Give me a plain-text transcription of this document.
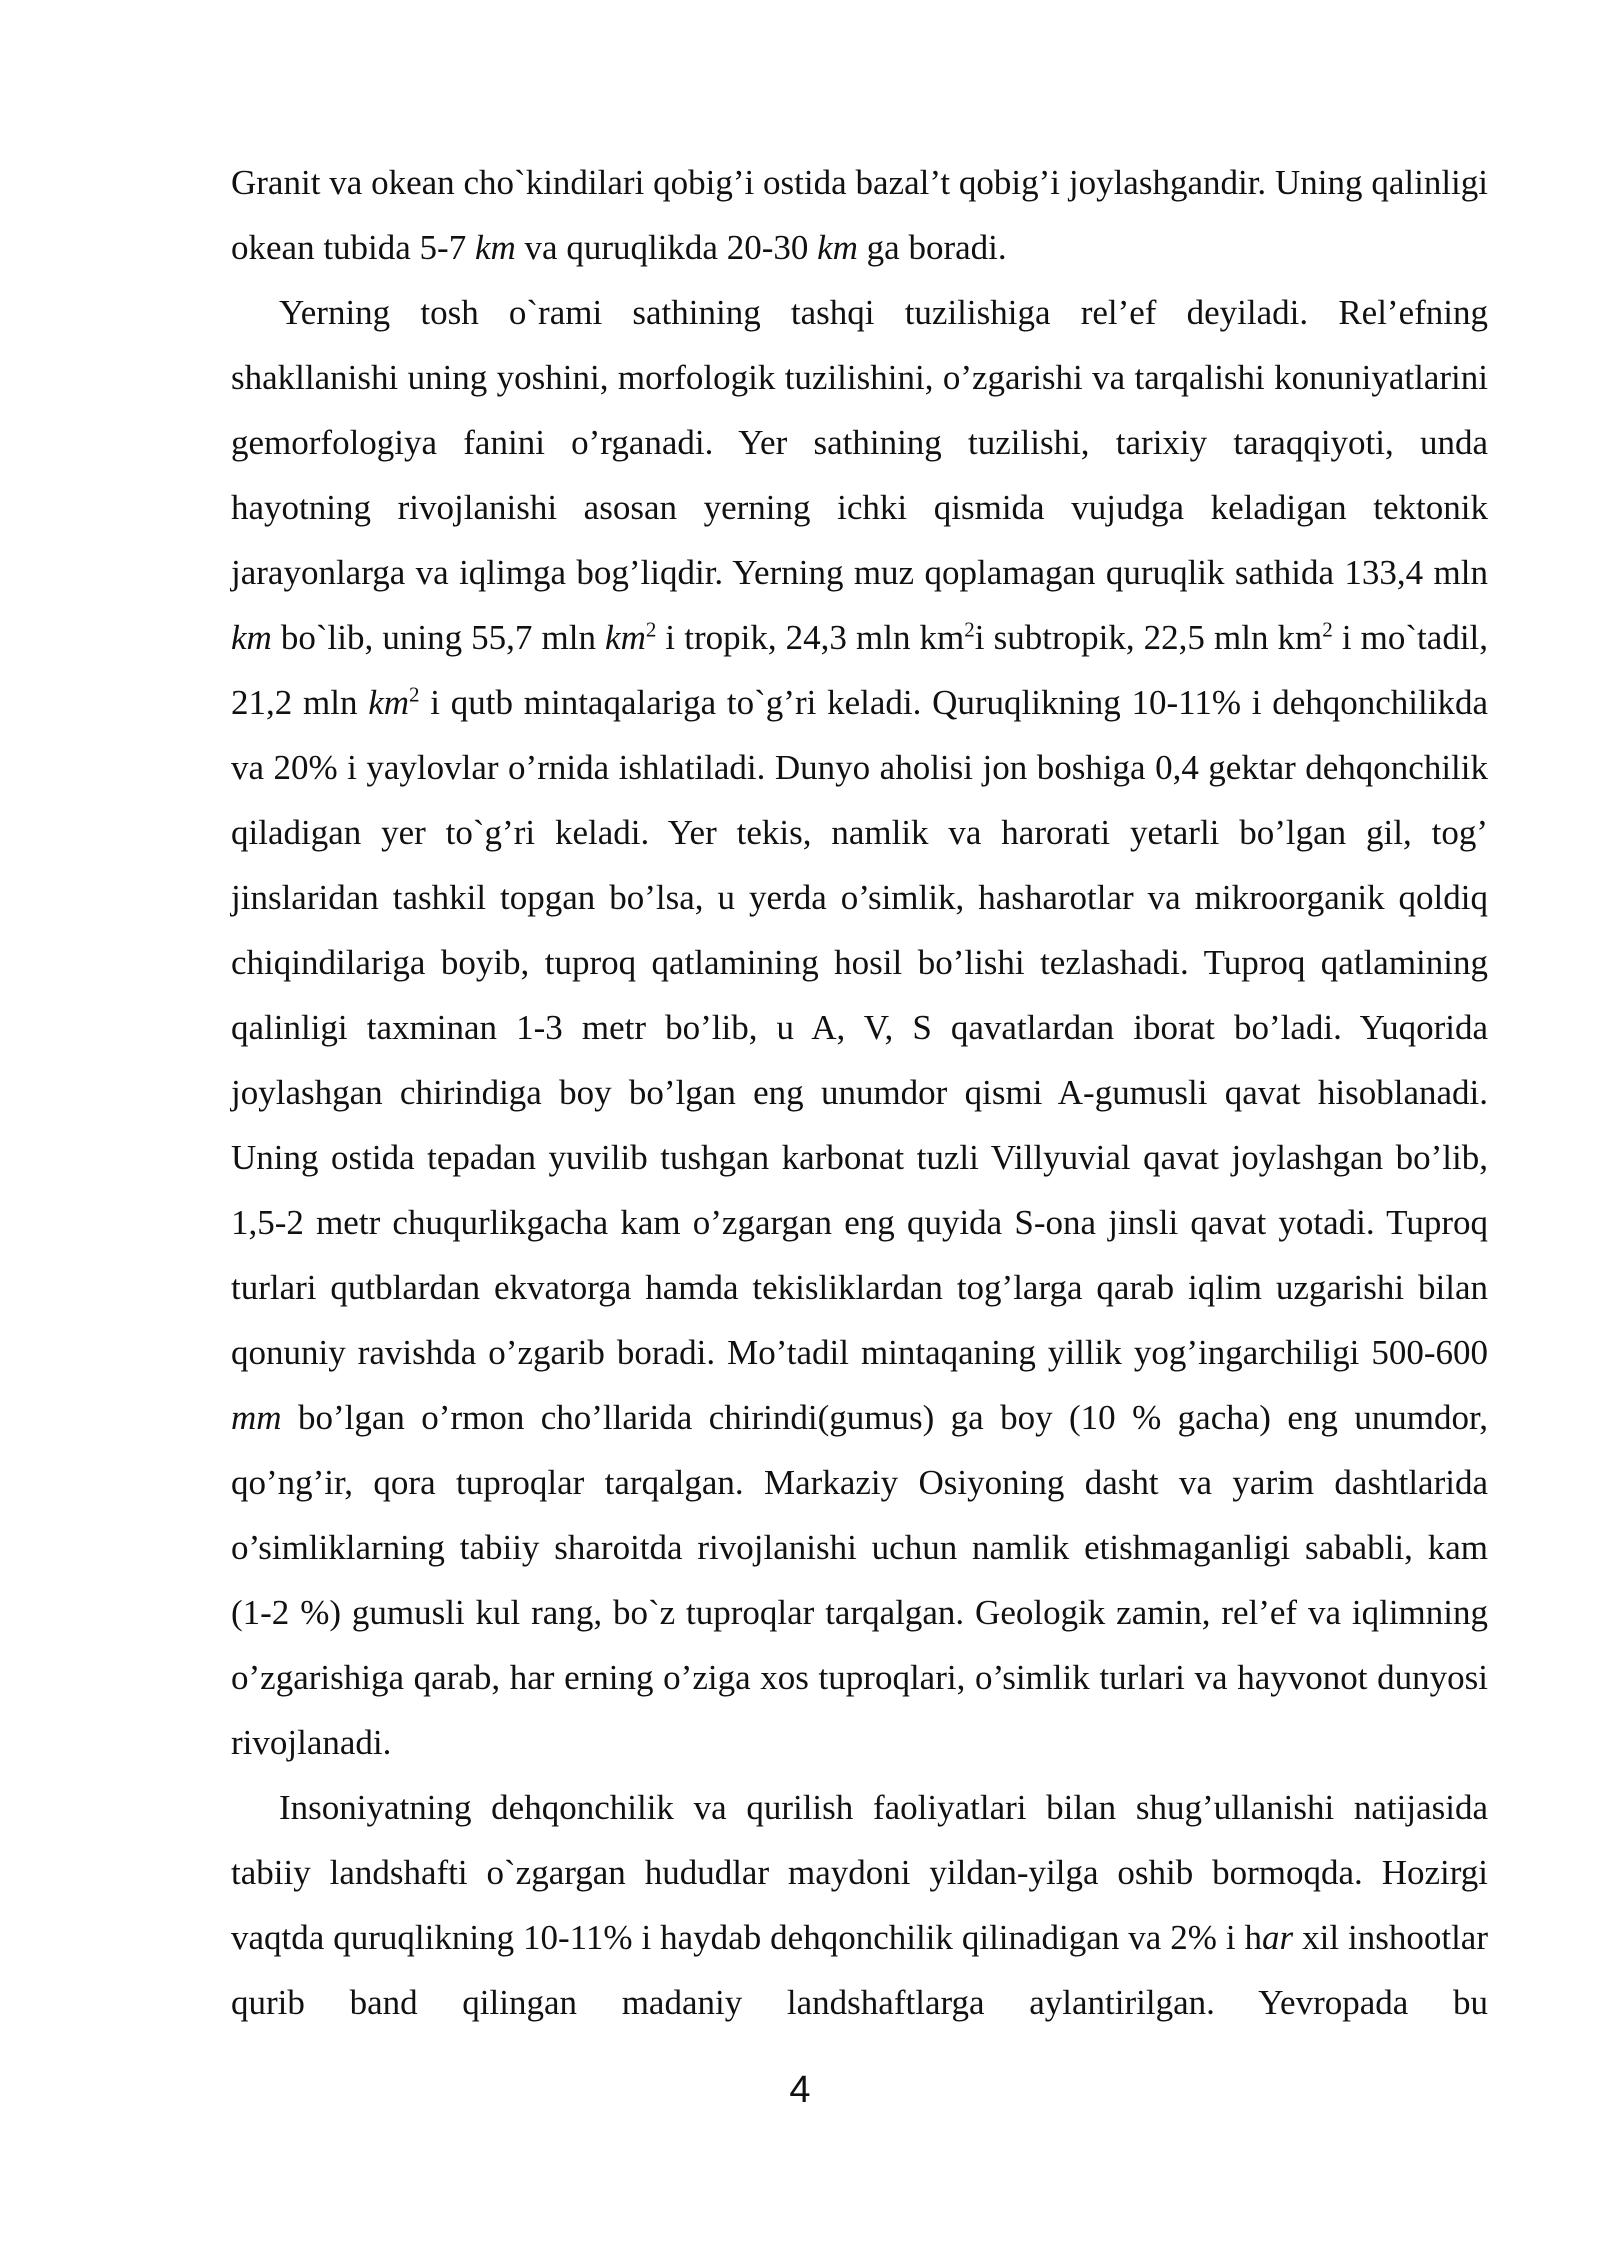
Granit va okean cho`kindilari qobig’i ostida bazal’t qobig’i joylashgandir. Uning qalinligi okean tubida 5-7 km va quruqlikda 20-30 km ga boradi.

Yerning tosh o`rami sathining tashqi tuzilishiga rel’ef deyiladi. Rel’efning shakllanishi uning yoshini, morfologik tuzilishini, o’zgarishi va tarqalishi konuniyatlarini gemorfologiya fanini o’rganadi. Yer sathining tuzilishi, tarixiy taraqqiyoti, unda hayotning rivojlanishi asosan yerning ichki qismida vujudga keladigan tektonik jarayonlarga va iqlimga bog’liqdir. Yerning muz qoplamagan quruqlik sathida 133,4 mln km bo`lib, uning 55,7 mln $km^2$ i tropik, 24,3 mln $km^2i$ subtropik, 22,5 mln $km^2$ i mo`tadil, 21,2 mln $km^2$ i qutb mintaqalariga to`g’ri keladi. Quruqlikning 10-11% i dehqonchilikda va 20% i yaylovlar o’rnida ishlatiladi. Dunyo aholisi jon boshiga 0,4 gektar dehqonchilik qiladigan yer to`g’ri keladi. Yer tekis, namlik va harorati yetarli bo’lgan gil, tog’ jinslaridan tashkil topgan bo’lsa, u yerda o’simlik, hasharotlar va mikroorganik qoldiq chiqindilariga boyib, tuproq qatlamining hosil bo’lishi tezlashadi. Tuproq qatlamining qalinligi taxminan 1-3 metr bo’lib, u A, V, S qavatlardan iborat bo’ladi. Yuqorida joylashgan chirindiga boy bo’lgan eng unumdor qismi A-gumusli qavat hisoblanadi. Uning ostida tepadan yuvilib tushgan karbonat tuzli Villyuvial qavat joylashgan bo’lib, 1,5-2 metr chuqurlikgacha kam o’zgargan eng quyida S-ona jinsli qavat yotadi. Tuproq turlari qutblardan ekvatorga hamda tekisliklardan tog’larga qarab iqlim uzgarishi bilan qonuniy ravishda o’zgarib boradi. Mo’tadil mintaqaning yillik yog’ingarchiligi 500-600 mm bo’lgan o’rmon cho’llarida chirindi(gumus) ga boy (10 % gacha) eng unumdor, qo’ng’ir, qora tuproqlar tarqalgan. Markaziy Osiyoning dasht va yarim dashtlarida o’simliklarning tabiiy sharoitda rivojlanishi uchun namlik etishmaganligi sababli, kam (1-2 %) gumusli kul rang, bo`z tuproqlar tarqalgan. Geologik zamin, rel’ef va iqlimning o’zgarishiga qarab, har erning o’ziga xos tuproqlari, o’simlik turlari va hayvonot dunyosi rivojlanadi.

Insoniyatning dehqonchilik va qurilish faoliyatlari bilan shug’ullanishi natijasida tabiiy landshafti o`zgargan hududlar maydoni yildan-yilga oshib bormoqda. Hozirgi vaqtda quruqlikning 10-11% i haydab dehqonchilik qilinadigan va 2% i har xil inshootlar qurib band qilingan madaniy landshaftlarga aylantirilgan. Yevropada bu

4
